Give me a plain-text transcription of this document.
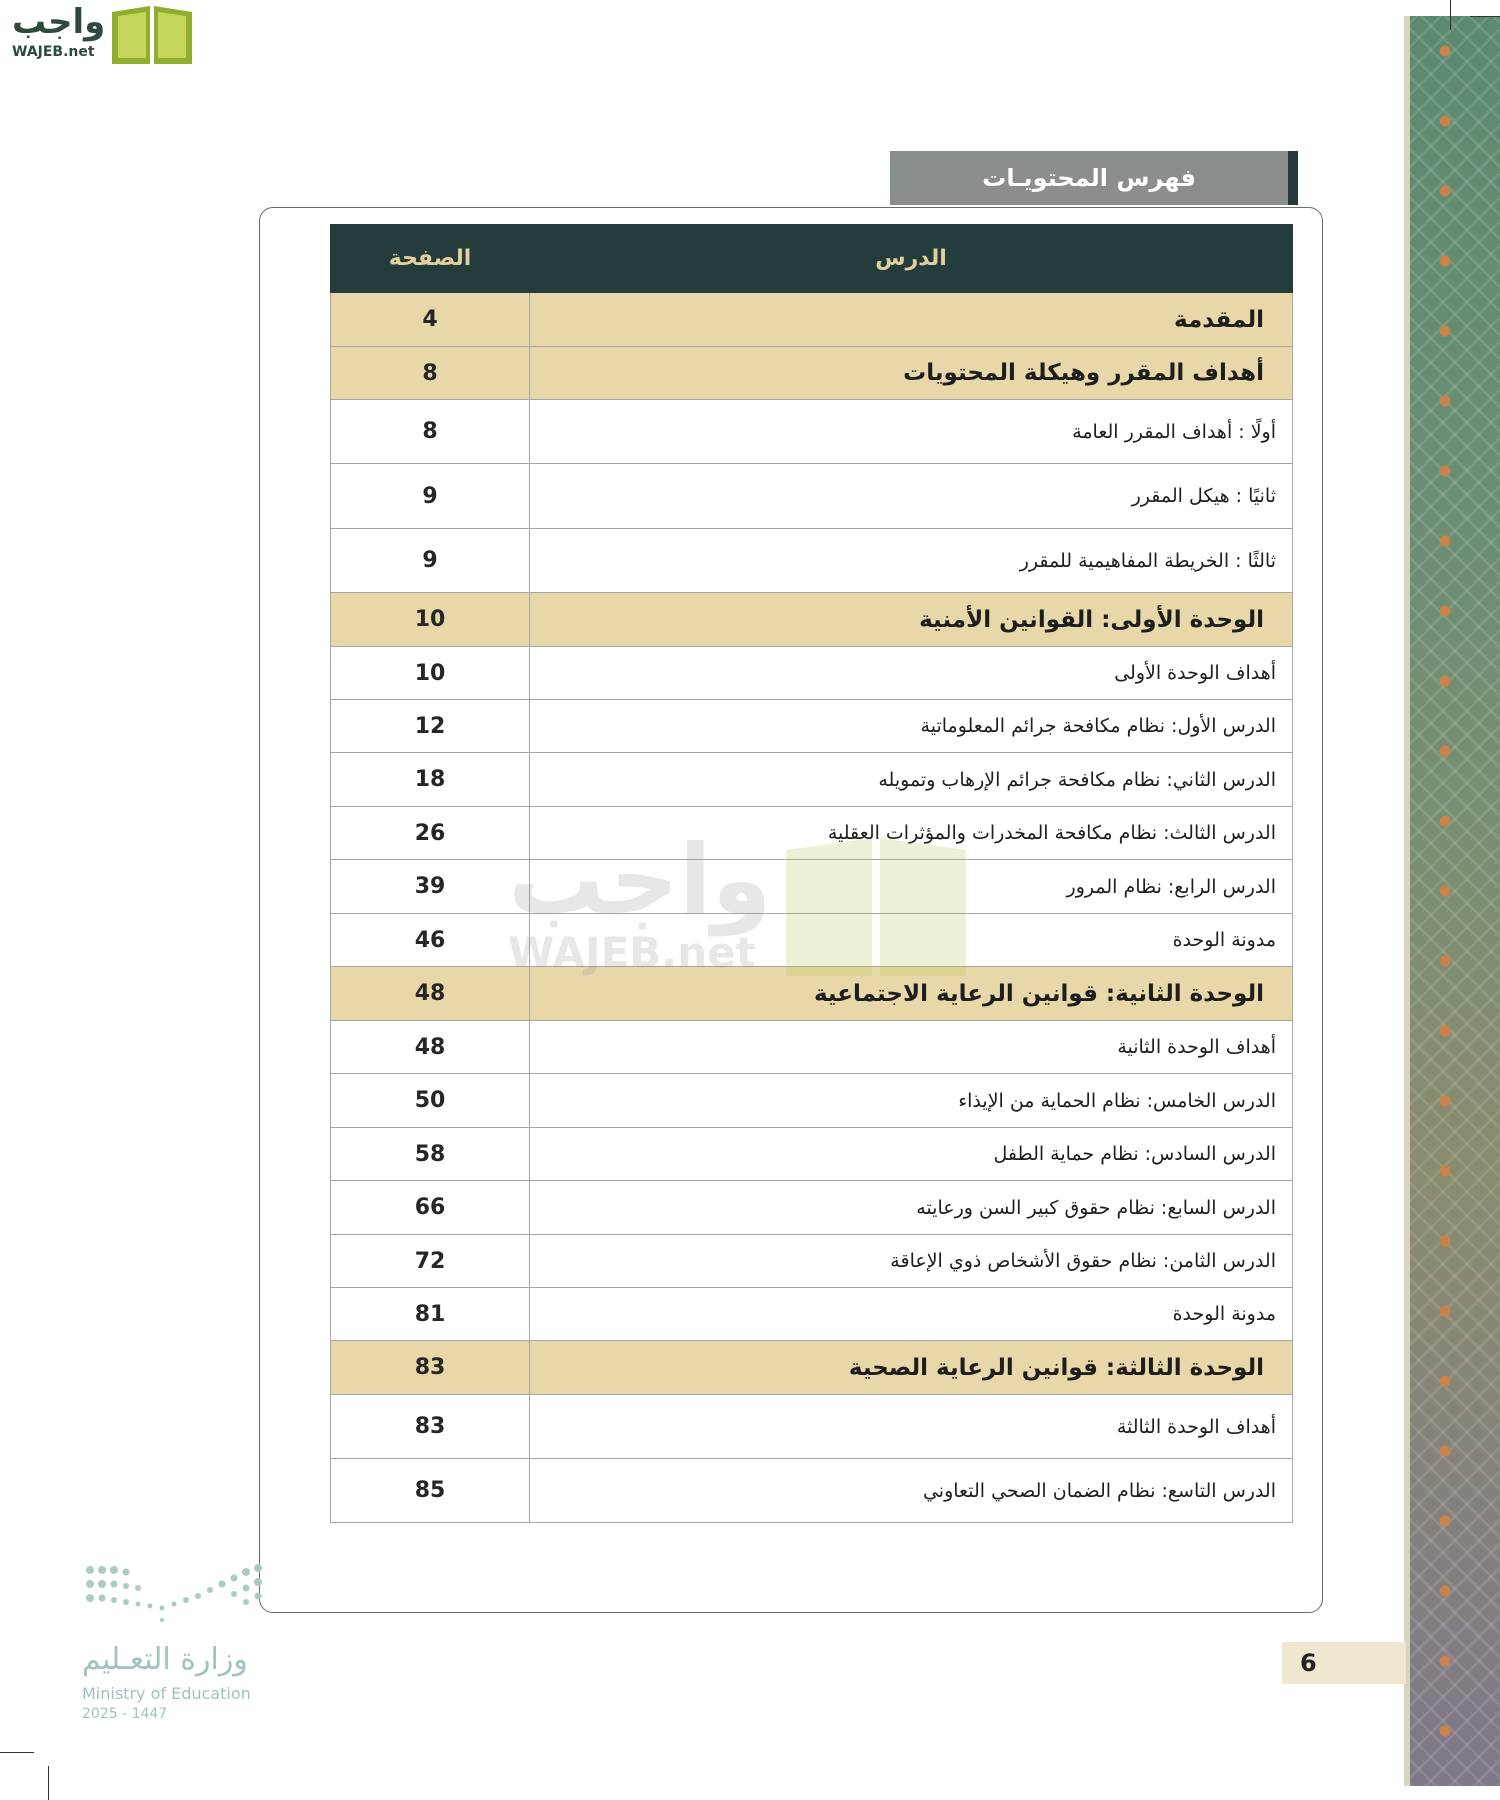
واجب
WAJEB.net
فهرس المحتويـات
الصفحة	الدرس
4	المقدمة
8	أهداف المقرر وهيكلة المحتويات
8	أولًا : أهداف المقرر العامة
9	ثانيًا : هيكل المقرر
9	ثالثًا : الخريطة المفاهيمية للمقرر
10	الوحدة الأولى: القوانين الأمنية
10	أهداف الوحدة الأولى
12	الدرس الأول: نظام مكافحة جرائم المعلوماتية
18	الدرس الثاني: نظام مكافحة جرائم الإرهاب وتمويله
26	الدرس الثالث: نظام مكافحة المخدرات والمؤثرات العقلية
39	الدرس الرابع: نظام المرور
46	مدونة الوحدة
48	الوحدة الثانية: قوانين الرعاية الاجتماعية
48	أهداف الوحدة الثانية
50	الدرس الخامس: نظام الحماية من الإيذاء
58	الدرس السادس: نظام حماية الطفل
66	الدرس السابع: نظام حقوق كبير السن ورعايته
72	الدرس الثامن: نظام حقوق الأشخاص ذوي الإعاقة
81	مدونة الوحدة
83	الوحدة الثالثة: قوانين الرعاية الصحية
83	أهداف الوحدة الثالثة
85	الدرس التاسع: نظام الضمان الصحي التعاوني
واجب
WAJEB.net
6
وزارة التعـليم
Ministry of Education
2025 - 1447
